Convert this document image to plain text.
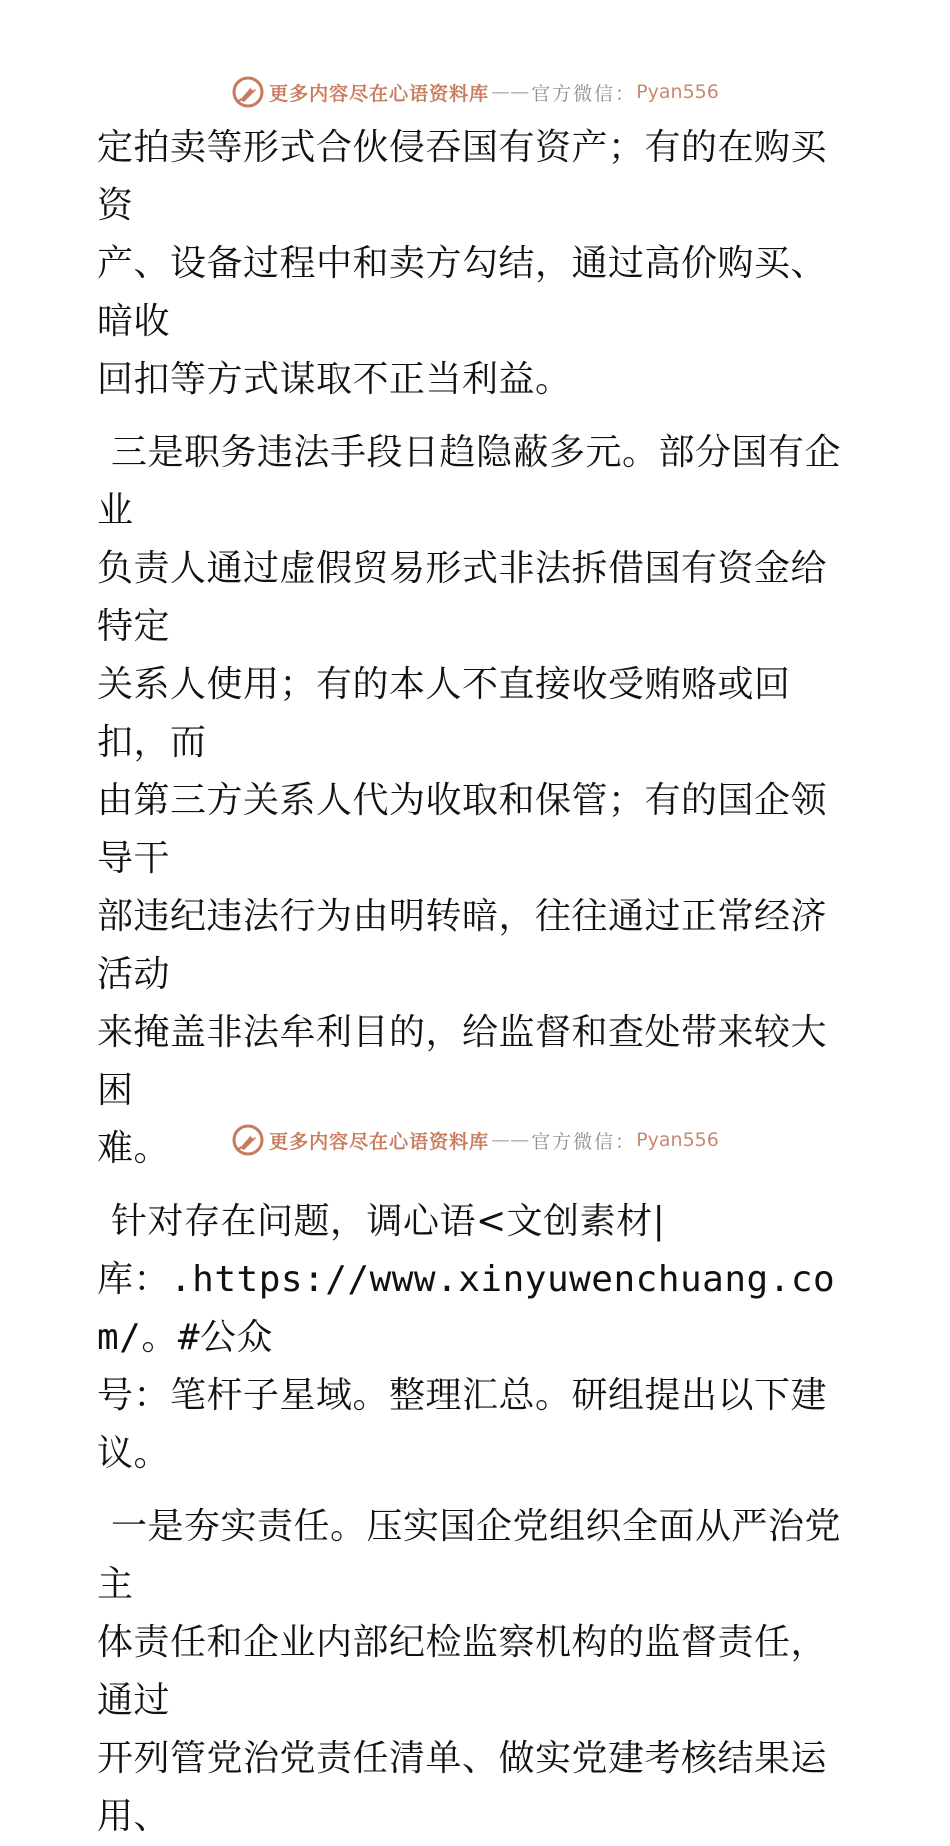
更多内容尽在心语资料库 —— 官方微信： Pyan556

定拍卖等形式合伙侵吞国有资产；有的在购买资
产、设备过程中和卖方勾结，通过高价购买、暗收
回扣等方式谋取不正当利益。

三是职务违法手段日趋隐蔽多元。部分国有企业
负责人通过虚假贸易形式非法拆借国有资金给特定
关系人使用；有的本人不直接收受贿赂或回扣，而
由第三方关系人代为收取和保管；有的国企领导干
部违纪违法行为由明转暗，往往通过正常经济活动
来掩盖非法牟利目的，给监督和查处带来较大困
难。

针对存在问题，调心语<文创素材|
库：.https://www.xinyuwenchuang.com/。#公众
号：笔杆子星域。整理汇总。研组提出以下建议。

一是夯实责任。压实国企党组织全面从严治党主
体责任和企业内部纪检监察机构的监督责任，通过
开列管党治党责任清单、做实党建考核结果运用、

更多内容尽在心语资料库 —— 官方微信： Pyan556
